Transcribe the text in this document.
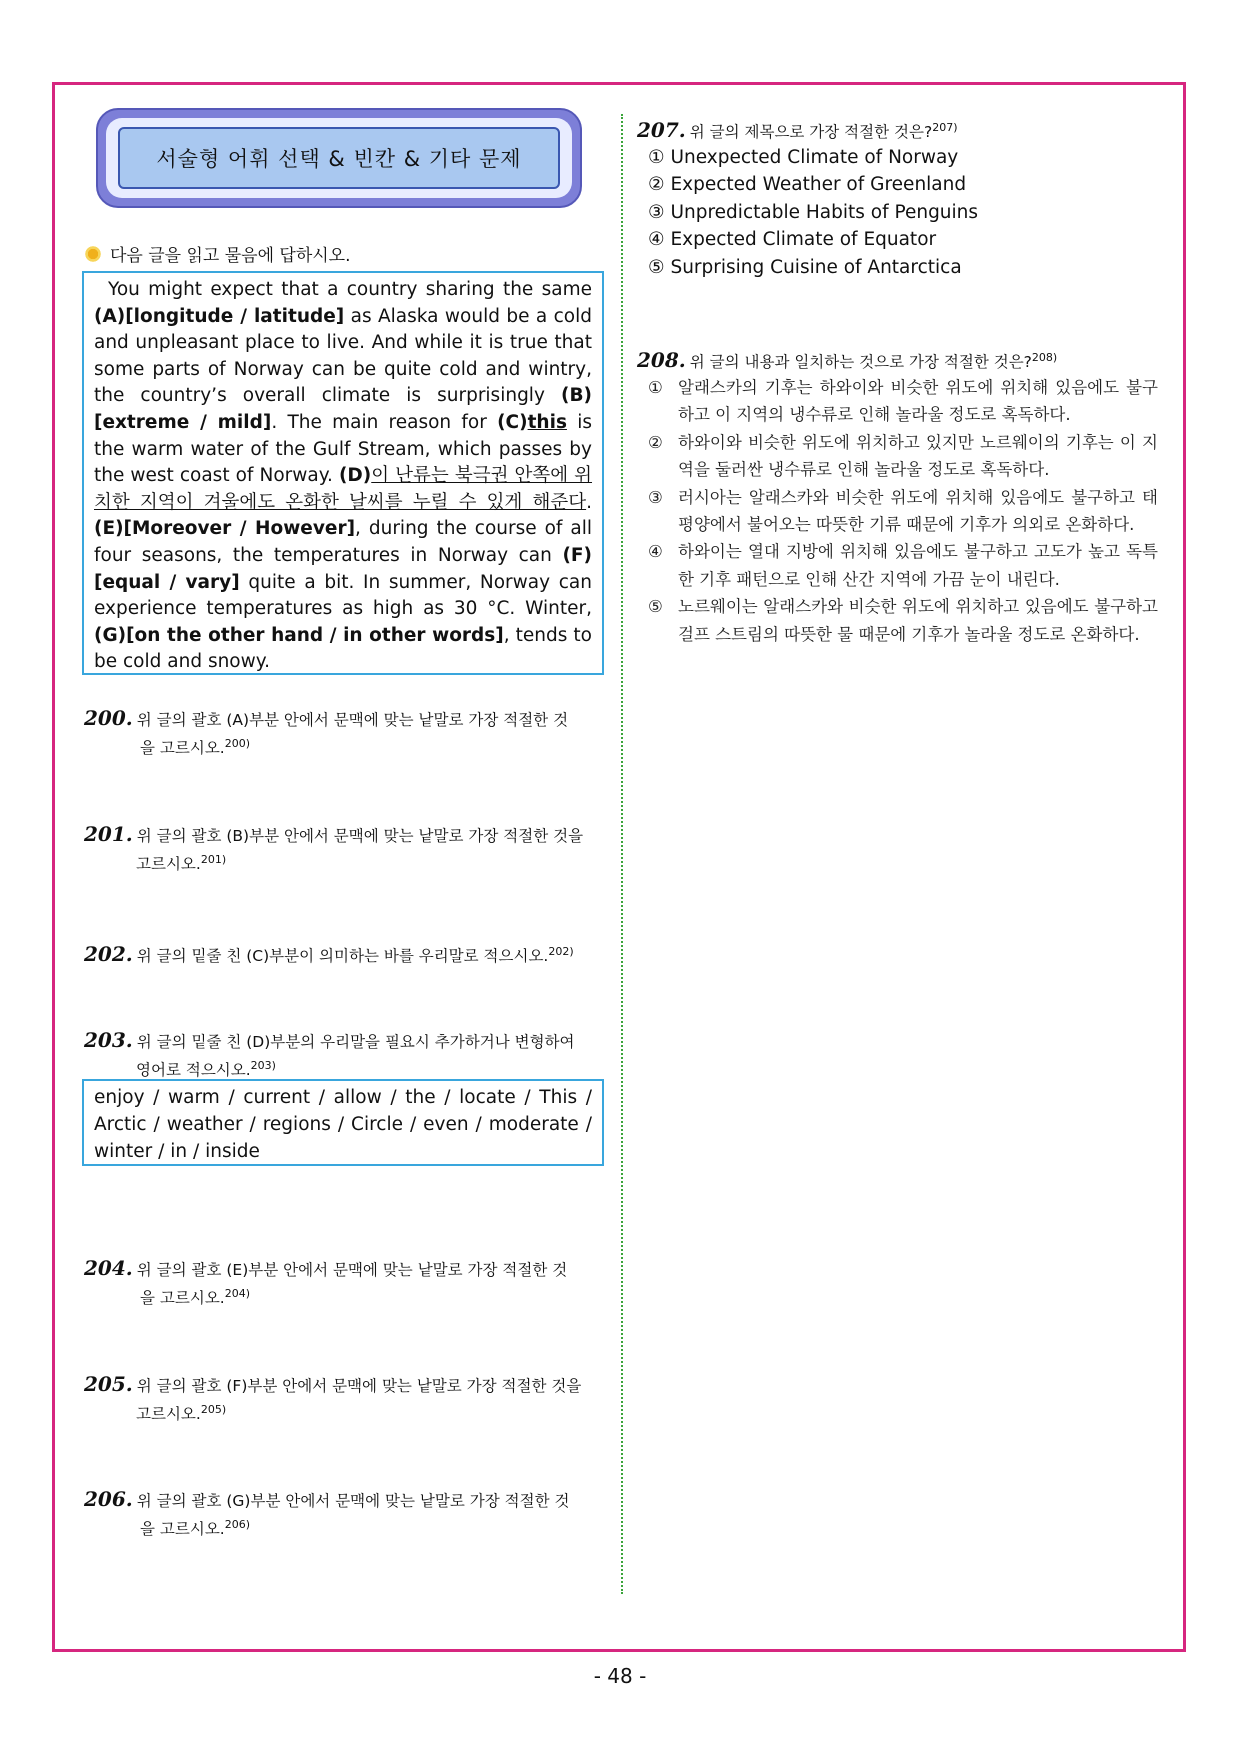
서술형 어휘 선택 & 빈칸 & 기타 문제
다음 글을 읽고 물음에 답하시오.

You might expect that a country sharing the same (A)[longitude / latitude] as Alaska would be a cold and unpleasant place to live. And while it is true that some parts of Norway can be quite cold and wintry, the country’s overall climate is surprisingly (B)[extreme / mild]. The main reason for (C)this is the warm water of the Gulf Stream, which passes by the west coast of Norway. (D)이 난류는 북극권 안쪽에 위치한 지역이 겨울에도 온화한 날씨를 누릴 수 있게 해준다. (E)[Moreover / However], during the course of all four seasons, the temperatures in Norway can (F)[equal / vary] quite a bit. In summer, Norway can experience temperatures as high as 30 °C. Winter, (G)[on the other hand / in other words], tends to be cold and snowy.

200. 위 글의 괄호 (A)부분 안에서 문맥에 맞는 낱말로 가장 적절한 것
을 고르시오.$^{200)}$
201. 위 글의 괄호 (B)부분 안에서 문맥에 맞는 낱말로 가장 적절한 것을
고르시오.$^{201)}$
202. 위 글의 밑줄 친 (C)부분이 의미하는 바를 우리말로 적으시오.$^{202)}$
203. 위 글의 밑줄 친 (D)부분의 우리말을 필요시 추가하거나 변형하여
영어로 적으시오.$^{203)}$
enjoy / warm / current / allow / the / locate / This / Arctic / weather / regions / Circle / even / moderate / winter / in / inside
204. 위 글의 괄호 (E)부분 안에서 문맥에 맞는 낱말로 가장 적절한 것
을 고르시오.$^{204)}$
205. 위 글의 괄호 (F)부분 안에서 문맥에 맞는 낱말로 가장 적절한 것을
고르시오.$^{205)}$
206. 위 글의 괄호 (G)부분 안에서 문맥에 맞는 낱말로 가장 적절한 것
을 고르시오.$^{206)}$
207. 위 글의 제목으로 가장 적절한 것은?$^{207)}$
① Unexpected Climate of Norway
② Expected Weather of Greenland
③ Unpredictable Habits of Penguins
④ Expected Climate of Equator
⑤ Surprising Cuisine of Antarctica
208. 위 글의 내용과 일치하는 것으로 가장 적절한 것은?$^{208)}$
① 알래스카의 기후는 하와이와 비슷한 위도에 위치해 있음에도 불구하고 이 지역의 냉수류로 인해 놀라울 정도로 혹독하다.
② 하와이와 비슷한 위도에 위치하고 있지만 노르웨이의 기후는 이 지역을 둘러싼 냉수류로 인해 놀라울 정도로 혹독하다.
③ 러시아는 알래스카와 비슷한 위도에 위치해 있음에도 불구하고 태평양에서 불어오는 따뜻한 기류 때문에 기후가 의외로 온화하다.
④ 하와이는 열대 지방에 위치해 있음에도 불구하고 고도가 높고 독특한 기후 패턴으로 인해 산간 지역에 가끔 눈이 내린다.
⑤ 노르웨이는 알래스카와 비슷한 위도에 위치하고 있음에도 불구하고 걸프 스트림의 따뜻한 물 때문에 기후가 놀라울 정도로 온화하다.
- 48 -
